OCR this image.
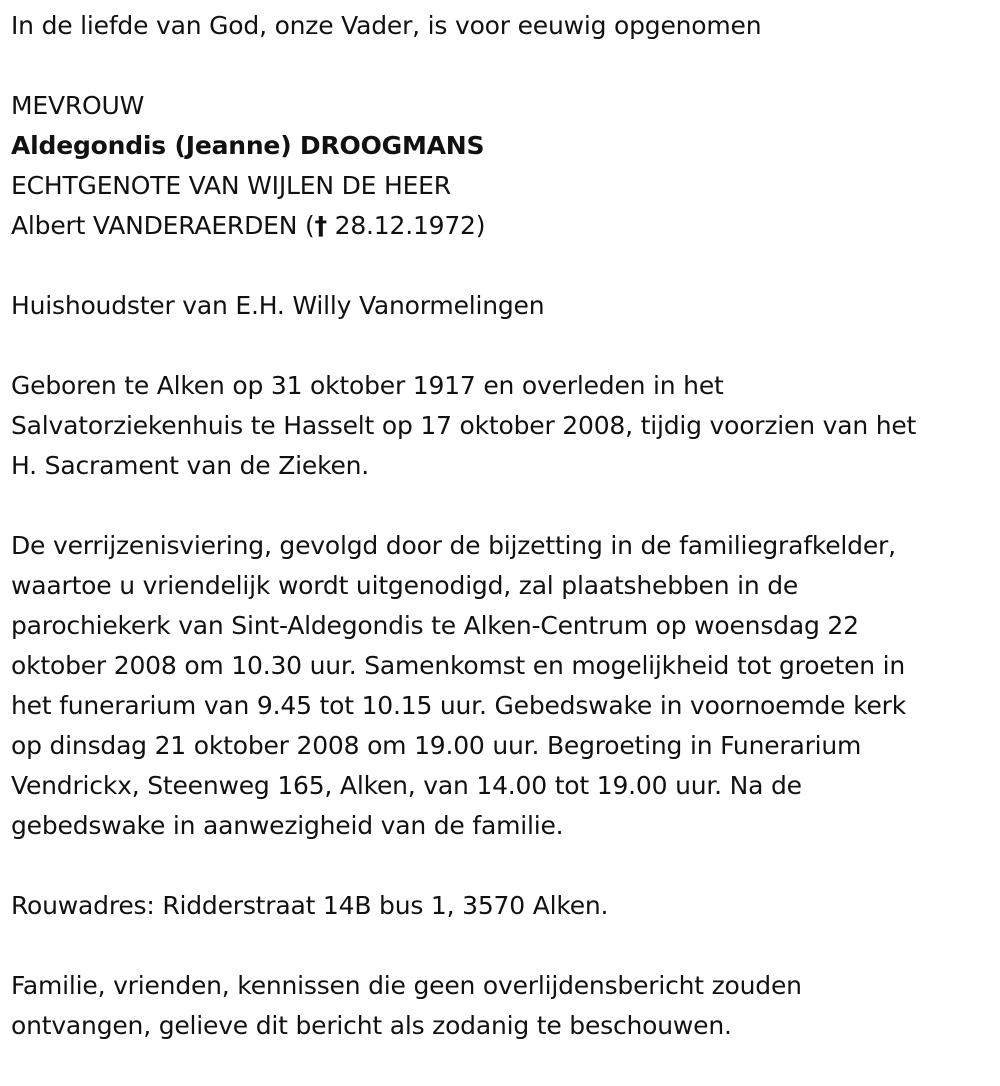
In de liefde van God, onze Vader, is voor eeuwig opgenomen
MEVROUW
Aldegondis (Jeanne) DROOGMANS
ECHTGENOTE VAN WIJLEN DE HEER
Albert VANDERAERDEN († 28.12.1972)
Huishoudster van E.H. Willy Vanormelingen
Geboren te Alken op 31 oktober 1917 en overleden in het
Salvatorziekenhuis te Hasselt op 17 oktober 2008, tijdig voorzien van het
H. Sacrament van de Zieken.
De verrijzenisviering, gevolgd door de bijzetting in de familiegrafkelder,
waartoe u vriendelijk wordt uitgenodigd, zal plaatshebben in de
parochiekerk van Sint-Aldegondis te Alken-Centrum op woensdag 22
oktober 2008 om 10.30 uur. Samenkomst en mogelijkheid tot groeten in
het funerarium van 9.45 tot 10.15 uur. Gebedswake in voornoemde kerk
op dinsdag 21 oktober 2008 om 19.00 uur. Begroeting in Funerarium
Vendrickx, Steenweg 165, Alken, van 14.00 tot 19.00 uur. Na de
gebedswake in aanwezigheid van de familie.
Rouwadres: Ridderstraat 14B bus 1, 3570 Alken.
Familie, vrienden, kennissen die geen overlijdensbericht zouden
ontvangen, gelieve dit bericht als zodanig te beschouwen.
